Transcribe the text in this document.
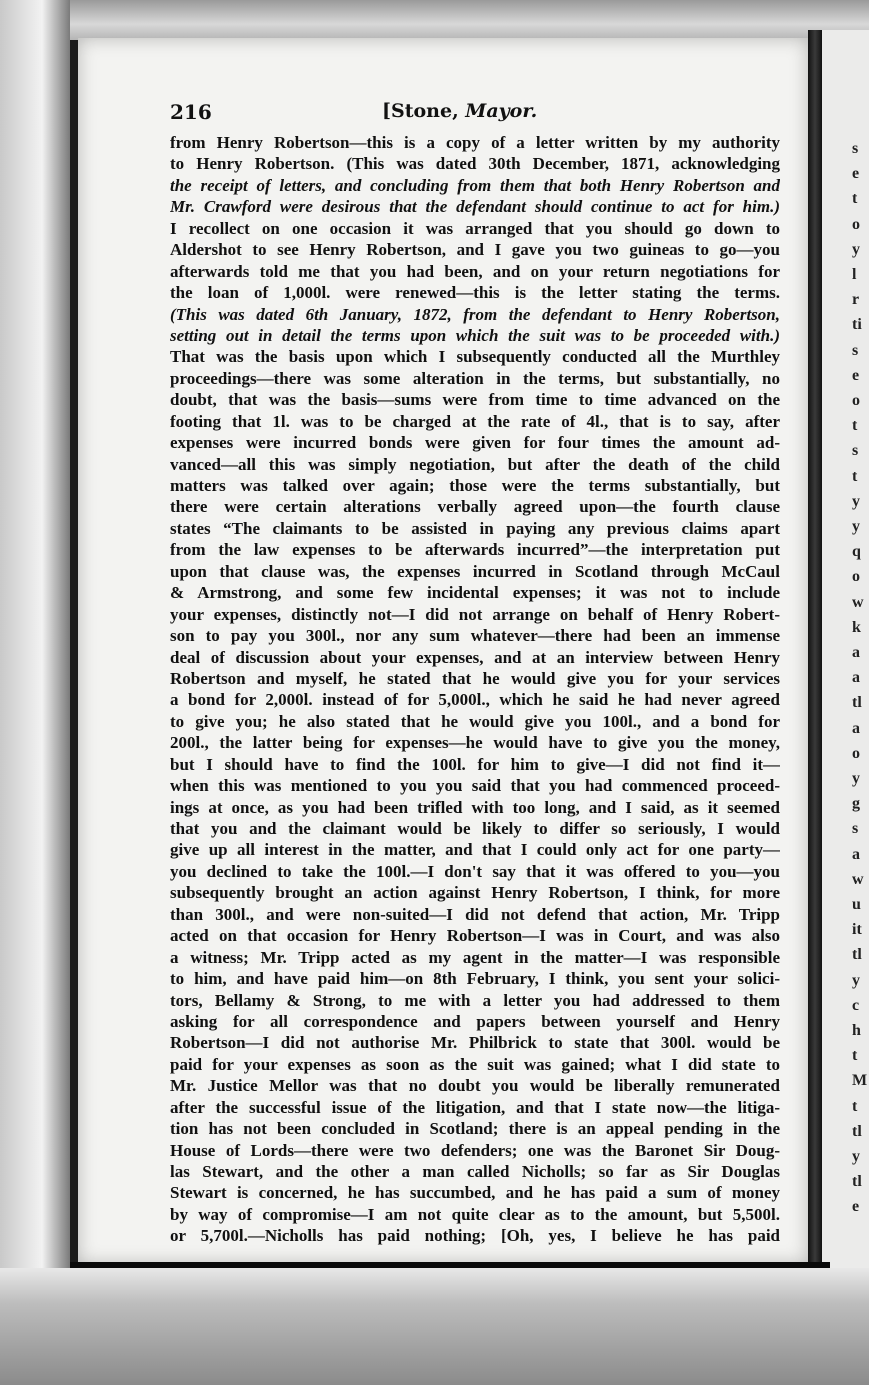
216	[Stone, Mayor.
from Henry Robertson—this is a copy of a letter written by my authority
to Henry Robertson. (This was dated 30th December, 1871, acknowledging
the receipt of letters, and concluding from them that both Henry Robertson and
Mr. Crawford were desirous that the defendant should continue to act for him.)
I recollect on one occasion it was arranged that you should go down to
Aldershot to see Henry Robertson, and I gave you two guineas to go—you
afterwards told me that you had been, and on your return negotiations for
the loan of 1,000l. were renewed—this is the letter stating the terms.
(This was dated 6th January, 1872, from the defendant to Henry Robertson,
setting out in detail the terms upon which the suit was to be proceeded with.)
That was the basis upon which I subsequently conducted all the Murthley
proceedings—there was some alteration in the terms, but substantially, no
doubt, that was the basis—sums were from time to time advanced on the
footing that 1l. was to be charged at the rate of 4l., that is to say, after
expenses were incurred bonds were given for four times the amount ad-
vanced—all this was simply negotiation, but after the death of the child
matters was talked over again; those were the terms substantially, but
there were certain alterations verbally agreed upon—the fourth clause
states “The claimants to be assisted in paying any previous claims apart
from the law expenses to be afterwards incurred”—the interpretation put
upon that clause was, the expenses incurred in Scotland through McCaul
& Armstrong, and some few incidental expenses; it was not to include
your expenses, distinctly not—I did not arrange on behalf of Henry Robert-
son to pay you 300l., nor any sum whatever—there had been an immense
deal of discussion about your expenses, and at an interview between Henry
Robertson and myself, he stated that he would give you for your services
a bond for 2,000l. instead of for 5,000l., which he said he had never agreed
to give you; he also stated that he would give you 100l., and a bond for
200l., the latter being for expenses—he would have to give you the money,
but I should have to find the 100l. for him to give—I did not find it—
when this was mentioned to you you said that you had commenced proceed-
ings at once, as you had been trifled with too long, and I said, as it seemed
that you and the claimant would be likely to differ so seriously, I would
give up all interest in the matter, and that I could only act for one party—
you declined to take the 100l.—I don't say that it was offered to you—you
subsequently brought an action against Henry Robertson, I think, for more
than 300l., and were non-suited—I did not defend that action, Mr. Tripp
acted on that occasion for Henry Robertson—I was in Court, and was also
a witness; Mr. Tripp acted as my agent in the matter—I was responsible
to him, and have paid him—on 8th February, I think, you sent your solici-
tors, Bellamy & Strong, to me with a letter you had addressed to them
asking for all correspondence and papers between yourself and Henry
Robertson—I did not authorise Mr. Philbrick to state that 300l. would be
paid for your expenses as soon as the suit was gained; what I did state to
Mr. Justice Mellor was that no doubt you would be liberally remunerated
after the successful issue of the litigation, and that I state now—the litiga-
tion has not been concluded in Scotland; there is an appeal pending in the
House of Lords—there were two defenders; one was the Baronet Sir Doug-
las Stewart, and the other a man called Nicholls; so far as Sir Douglas
Stewart is concerned, he has succumbed, and he has paid a sum of money
by way of compromise—I am not quite clear as to the amount, but 5,500l.
or 5,700l.—Nicholls has paid nothing; [Oh, yes, I believe he has paid
s
e
t
o
y
l
r
ti
s
e
o
t
s
t
y
y
q
o
w
k
a
a
tl
a
o
y
g
s
a
w
u
it
tl
y
c
h
t
M
t
tl
y
tl
e
